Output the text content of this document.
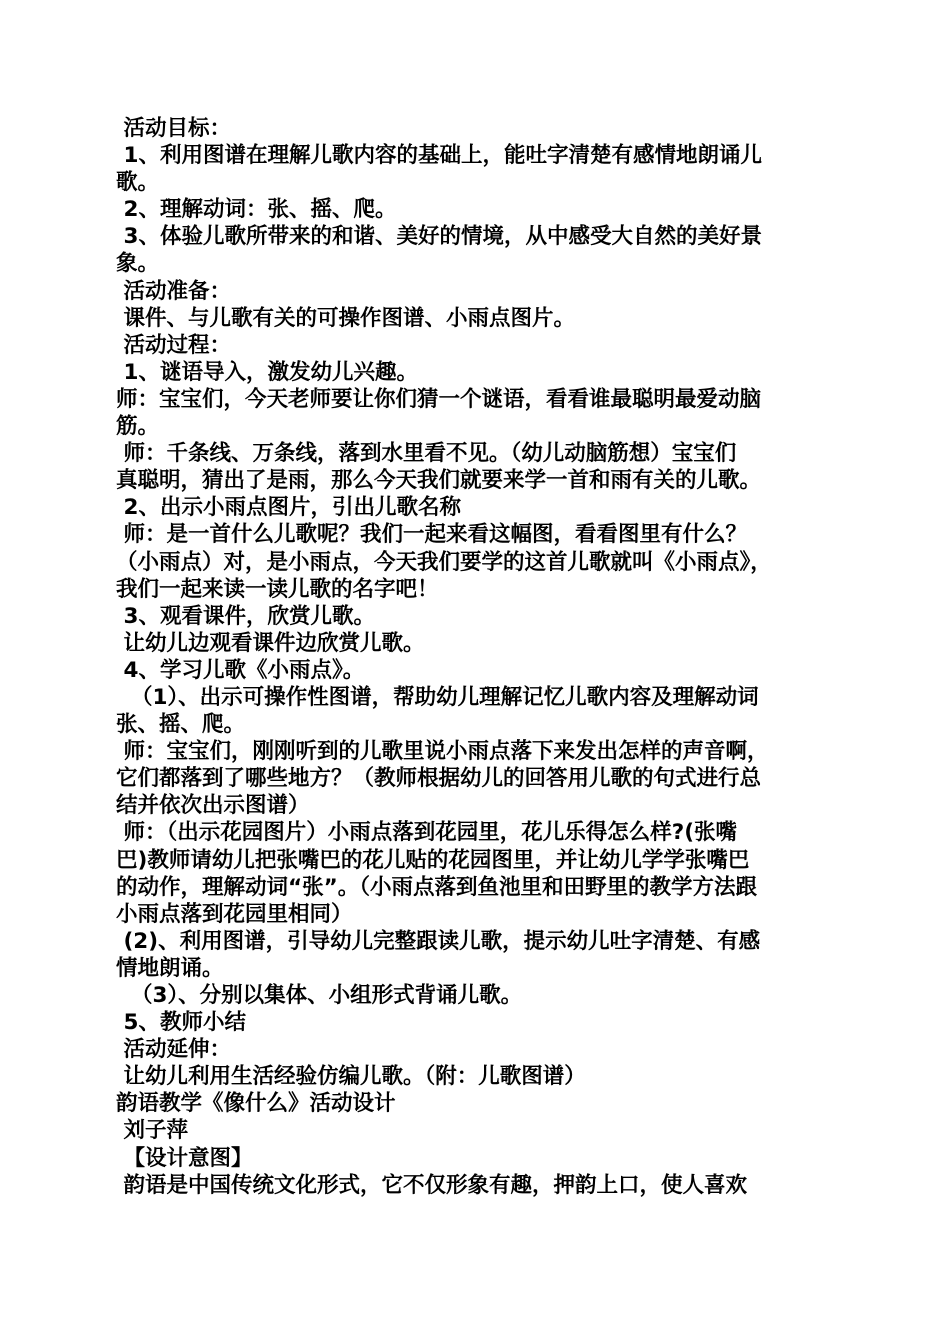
活动目标：
1、利用图谱在理解儿歌内容的基础上，能吐字清楚有感情地朗诵儿
歌。
2、理解动词：张、摇、爬。
3、体验儿歌所带来的和谐、美好的情境，从中感受大自然的美好景
象。
活动准备：
课件、与儿歌有关的可操作图谱、小雨点图片。
活动过程：
1、谜语导入，激发幼儿兴趣。
师：宝宝们，今天老师要让你们猜一个谜语，看看谁最聪明最爱动脑
筋。
师：千条线、万条线，落到水里看不见。（幼儿动脑筋想）宝宝们
真聪明，猜出了是雨，那么今天我们就要来学一首和雨有关的儿歌。
2、出示小雨点图片，引出儿歌名称
师：是一首什么儿歌呢？我们一起来看这幅图，看看图里有什么？
（小雨点）对，是小雨点，今天我们要学的这首儿歌就叫《小雨点》，
我们一起来读一读儿歌的名字吧！
3、观看课件，欣赏儿歌。
让幼儿边观看课件边欣赏儿歌。
4、学习儿歌《小雨点》。
（1）、出示可操作性图谱，帮助幼儿理解记忆儿歌内容及理解动词
张、摇、爬。
师：宝宝们，刚刚听到的儿歌里说小雨点落下来发出怎样的声音啊，
它们都落到了哪些地方？（教师根据幼儿的回答用儿歌的句式进行总
结并依次出示图谱）
师：（出示花园图片）小雨点落到花园里，花儿乐得怎么样?(张嘴
巴)教师请幼儿把张嘴巴的花儿贴的花园图里，并让幼儿学学张嘴巴
的动作，理解动词“张”。（小雨点落到鱼池里和田野里的教学方法跟
小雨点落到花园里相同）
(2)、利用图谱，引导幼儿完整跟读儿歌，提示幼儿吐字清楚、有感
情地朗诵。
（3）、分别以集体、小组形式背诵儿歌。
5、教师小结
活动延伸：
让幼儿利用生活经验仿编儿歌。（附：儿歌图谱）
韵语教学《像什么》活动设计
刘子萍
【设计意图】
韵语是中国传统文化形式，它不仅形象有趣，押韵上口，使人喜欢
